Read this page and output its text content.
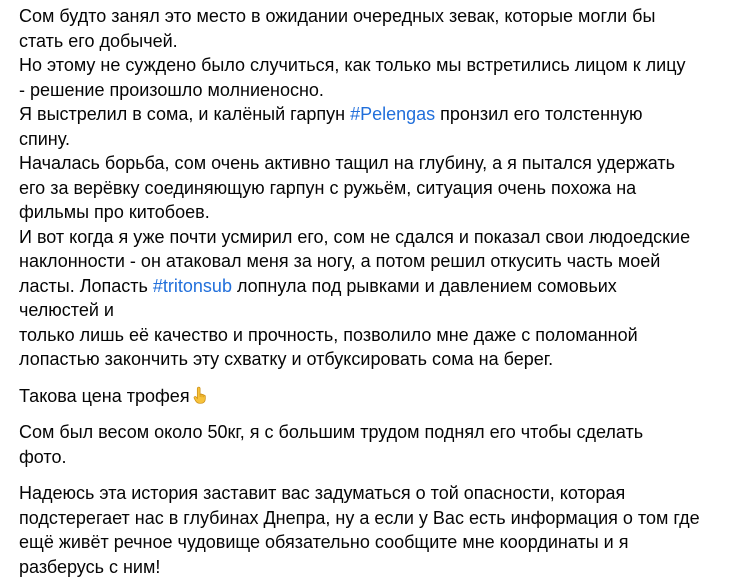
Сом будто занял это место в ожидании очередных зевак, которые могли бы
стать его добычей.
Но этому не суждено было случиться, как только мы встретились лицом к лицу
- решение произошло молниеносно.
Я выстрелил в сома, и калёный гарпун #Pelengas пронзил его толстенную
спину.
Началась борьба, сом очень активно тащил на глубину, а я пытался удержать
его за верёвку соединяющую гарпун с ружьём, ситуация очень похожа на
фильмы про китобоев.
И вот когда я уже почти усмирил его, сом не сдался и показал свои людоедские
наклонности - он атаковал меня за ногу, а потом решил откусить часть моей
ласты. Лопасть #tritonsub лопнула под рывками и давлением сомовьих
челюстей и
только лишь её качество и прочность, позволило мне даже с поломанной
лопастью закончить эту схватку и отбуксировать сома на берег.

Такова цена трофея

Сом был весом около 50кг, я с большим трудом поднял его чтобы сделать
фото.

Надеюсь эта история заставит вас задуматься о той опасности, которая
подстерегает нас в глубинах Днепра, ну а если у Вас есть информация о том где
ещё живёт речное чудовище обязательно сообщите мне координаты и я
разберусь с ним!
